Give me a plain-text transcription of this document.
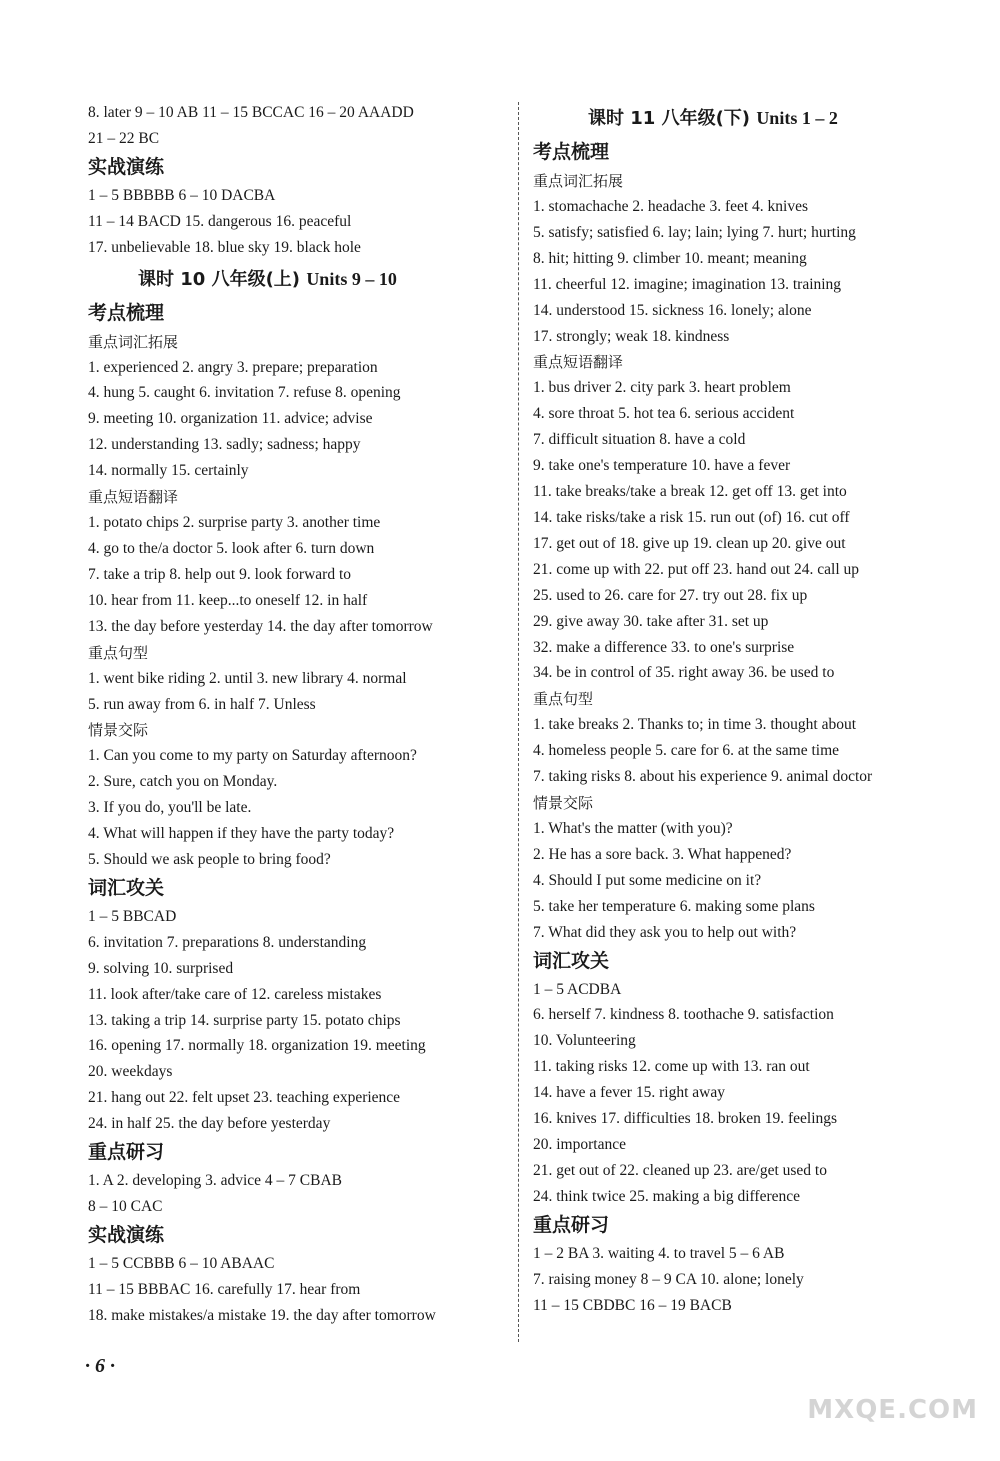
8. later 9 – 10 AB 11 – 15 BCCAC 16 – 20 AAADD
21 – 22 BC
实战演练
1 – 5 BBBBB 6 – 10 DACBA
11 – 14 BACD 15. dangerous 16. peaceful
17. unbelievable 18. blue sky 19. black hole
课时 10 八年级(上) Units 9 – 10
考点梳理
重点词汇拓展
1. experienced 2. angry 3. prepare; preparation
4. hung 5. caught 6. invitation 7. refuse 8. opening
9. meeting 10. organization 11. advice; advise
12. understanding 13. sadly; sadness; happy
14. normally 15. certainly
重点短语翻译
1. potato chips 2. surprise party 3. another time
4. go to the/a doctor 5. look after 6. turn down
7. take a trip 8. help out 9. look forward to
10. hear from 11. keep...to oneself 12. in half
13. the day before yesterday 14. the day after tomorrow
重点句型
1. went bike riding 2. until 3. new library 4. normal
5. run away from 6. in half 7. Unless
情景交际
1. Can you come to my party on Saturday afternoon?
2. Sure, catch you on Monday.
3. If you do, you'll be late.
4. What will happen if they have the party today?
5. Should we ask people to bring food?
词汇攻关
1 – 5 BBCAD
6. invitation 7. preparations 8. understanding
9. solving 10. surprised
11. look after/take care of 12. careless mistakes
13. taking a trip 14. surprise party 15. potato chips
16. opening 17. normally 18. organization 19. meeting
20. weekdays
21. hang out 22. felt upset 23. teaching experience
24. in half 25. the day before yesterday
重点研习
1. A 2. developing 3. advice 4 – 7 CBAB
8 – 10 CAC
实战演练
1 – 5 CCBBB 6 – 10 ABAAC
11 – 15 BBBAC 16. carefully 17. hear from
18. make mistakes/a mistake 19. the day after tomorrow
课时 11 八年级(下) Units 1 – 2
考点梳理
重点词汇拓展
1. stomachache 2. headache 3. feet 4. knives
5. satisfy; satisfied 6. lay; lain; lying 7. hurt; hurting
8. hit; hitting 9. climber 10. meant; meaning
11. cheerful 12. imagine; imagination 13. training
14. understood 15. sickness 16. lonely; alone
17. strongly; weak 18. kindness
重点短语翻译
1. bus driver 2. city park 3. heart problem
4. sore throat 5. hot tea 6. serious accident
7. difficult situation 8. have a cold
9. take one's temperature 10. have a fever
11. take breaks/take a break 12. get off 13. get into
14. take risks/take a risk 15. run out (of) 16. cut off
17. get out of 18. give up 19. clean up 20. give out
21. come up with 22. put off 23. hand out 24. call up
25. used to 26. care for 27. try out 28. fix up
29. give away 30. take after 31. set up
32. make a difference 33. to one's surprise
34. be in control of 35. right away 36. be used to
重点句型
1. take breaks 2. Thanks to; in time 3. thought about
4. homeless people 5. care for 6. at the same time
7. taking risks 8. about his experience 9. animal doctor
情景交际
1. What's the matter (with you)?
2. He has a sore back. 3. What happened?
4. Should I put some medicine on it?
5. take her temperature 6. making some plans
7. What did they ask you to help out with?
词汇攻关
1 – 5 ACDBA
6. herself 7. kindness 8. toothache 9. satisfaction
10. Volunteering
11. taking risks 12. come up with 13. ran out
14. have a fever 15. right away
16. knives 17. difficulties 18. broken 19. feelings
20. importance
21. get out of 22. cleaned up 23. are/get used to
24. think twice 25. making a big difference
重点研习
1 – 2 BA 3. waiting 4. to travel 5 – 6 AB
7. raising money 8 – 9 CA 10. alone; lonely
11 – 15 CBDBC 16 – 19 BACB
· 6 ·
MXQE.COM
